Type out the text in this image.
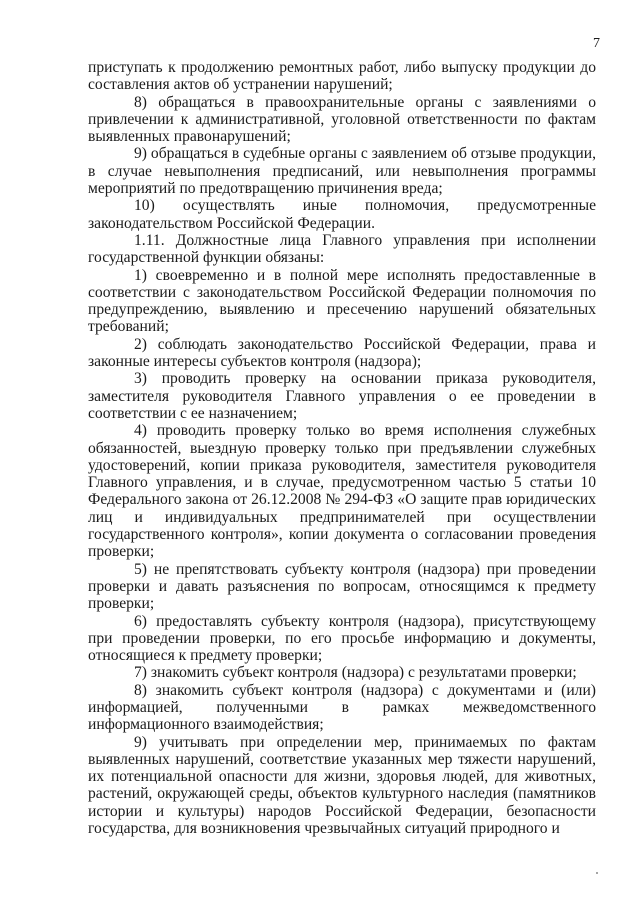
7

приступать к продолжению ремонтных работ, либо выпуску продукции до составления актов об устранении нарушений;

8) обращаться в правоохранительные органы с заявлениями о привлечении к административной, уголовной ответственности по фактам выявленных правонарушений;

9) обращаться в судебные органы с заявлением об отзыве продукции, в случае невыполнения предписаний, или невыполнения программы мероприятий по предотвращению причинения вреда;

10) осуществлять иные полномочия, предусмотренные законодательством Российской Федерации.

1.11. Должностные лица Главного управления при исполнении государственной функции обязаны:

1) своевременно и в полной мере исполнять предоставленные в соответствии с законодательством Российской Федерации полномочия по предупреждению, выявлению и пресечению нарушений обязательных требований;

2) соблюдать законодательство Российской Федерации, права и законные интересы субъектов контроля (надзора);

3) проводить проверку на основании приказа руководителя, заместителя руководителя Главного управления о ее проведении в соответствии с ее назначением;

4) проводить проверку только во время исполнения служебных обязанностей, выездную проверку только при предъявлении служебных удостоверений, копии приказа руководителя, заместителя руководителя Главного управления, и в случае, предусмотренном частью 5 статьи 10 Федерального закона от 26.12.2008 № 294-ФЗ «О защите прав юридических лиц и индивидуальных предпринимателей при осуществлении государственного контроля», копии документа о согласовании проведения проверки;

5) не препятствовать субъекту контроля (надзора) при проведении проверки и давать разъяснения по вопросам, относящимся к предмету проверки;

6) предоставлять субъекту контроля (надзора), присутствующему при проведении проверки, по его просьбе информацию и документы, относящиеся к предмету проверки;

7) знакомить субъект контроля (надзора) с результатами проверки;

8) знакомить субъект контроля (надзора) с документами и (или) информацией, полученными в рамках межведомственного информационного взаимодействия;

9) учитывать при определении мер, принимаемых по фактам выявленных нарушений, соответствие указанных мер тяжести нарушений, их потенциальной опасности для жизни, здоровья людей, для животных, растений, окружающей среды, объектов культурного наследия (памятников истории и культуры) народов Российской Федерации, безопасности государства, для возникновения чрезвычайных ситуаций природного и
